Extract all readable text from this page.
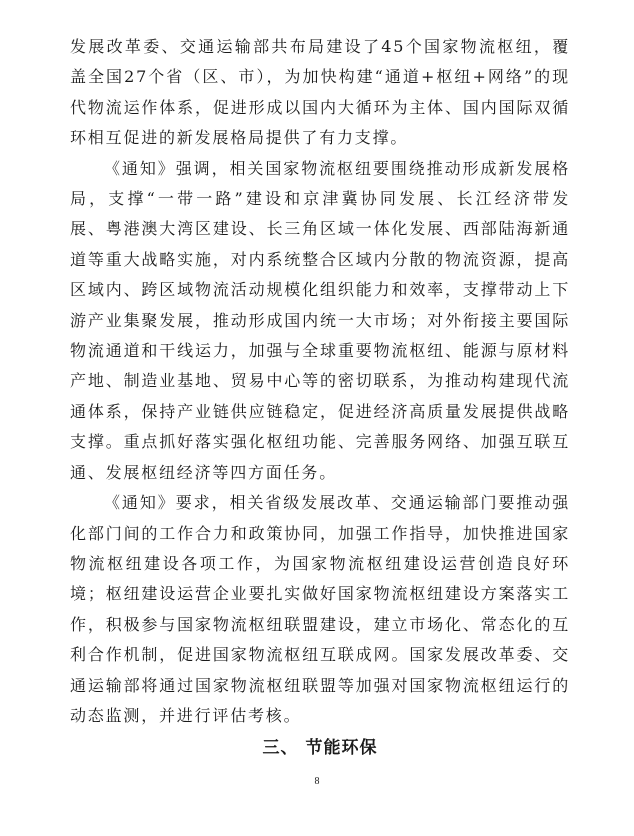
发展改革委、交通运输部共布局建设了45个国家物流枢纽，覆盖全国27个省（区、市），为加快构建“通道+枢纽+网络”的现代物流运作体系，促进形成以国内大循环为主体、国内国际双循环相互促进的新发展格局提供了有力支撑。

《通知》强调，相关国家物流枢纽要围绕推动形成新发展格局，支撑“一带一路”建设和京津冀协同发展、长江经济带发展、粤港澳大湾区建设、长三角区域一体化发展、西部陆海新通道等重大战略实施，对内系统整合区域内分散的物流资源，提高区域内、跨区域物流活动规模化组织能力和效率，支撑带动上下游产业集聚发展，推动形成国内统一大市场；对外衔接主要国际物流通道和干线运力，加强与全球重要物流枢纽、能源与原材料产地、制造业基地、贸易中心等的密切联系，为推动构建现代流通体系，保持产业链供应链稳定，促进经济高质量发展提供战略支撑。重点抓好落实强化枢纽功能、完善服务网络、加强互联互通、发展枢纽经济等四方面任务。

《通知》要求，相关省级发展改革、交通运输部门要推动强化部门间的工作合力和政策协同，加强工作指导，加快推进国家物流枢纽建设各项工作，为国家物流枢纽建设运营创造良好环境；枢纽建设运营企业要扎实做好国家物流枢纽建设方案落实工作，积极参与国家物流枢纽联盟建设，建立市场化、常态化的互利合作机制，促进国家物流枢纽互联成网。国家发展改革委、交通运输部将通过国家物流枢纽联盟等加强对国家物流枢纽运行的动态监测，并进行评估考核。

三、 节能环保
8
